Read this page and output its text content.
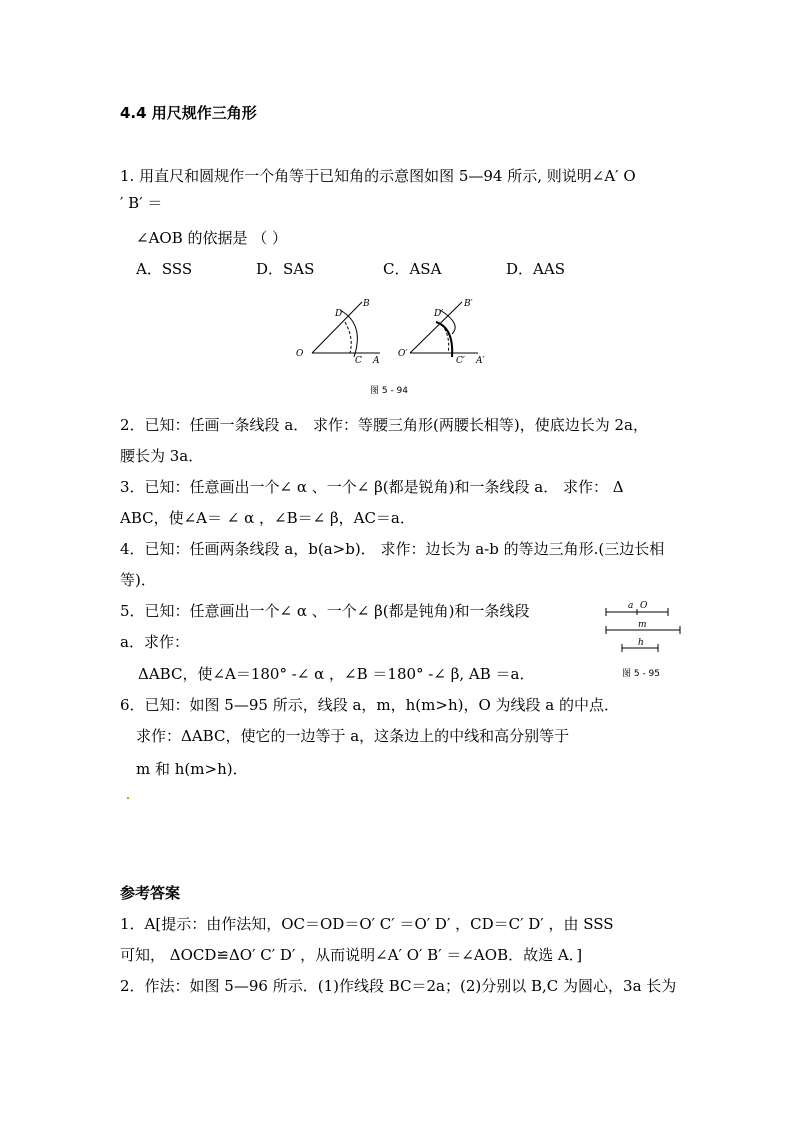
4.4 用尺规作三角形
1. 用直尺和圆规作一个角等于已知角的示意图如图 5—94 所示, 则说明∠A′ O
′ B′ ＝
∠AOB 的依据是 （ ）
A．SSS	D．SAS	C．ASA	D．AAS
O
A
B
C
D
O′
A′
B′
C′
D′
图 5 - 94
2．已知：任画一条线段 a． 求作：等腰三角形(两腰长相等)，使底边长为 2a，
腰长为 3a．
3．已知：任意画出一个∠ α 、一个∠ β(都是锐角)和一条线段 a． 求作： Δ
ABC，使∠A＝ ∠ α ，∠B＝∠ β，AC＝a．
4．已知：任画两条线段 a，b(a>b)． 求作：边长为 a-b 的等边三角形.(三边长相
等)．
5．已知：任意画出一个∠ α 、一个∠ β(都是钝角)和一条线段
a．求作：
ΔABC，使∠A＝180° -∠ α ，∠B ＝180° -∠ β, AB ＝a．
a O
m
h
图 5 - 95
6．已知：如图 5—95 所示，线段 a，m，h(m>h)，O 为线段 a 的中点．
求作：ΔABC，使它的一边等于 a，这条边上的中线和高分别等于
m 和 h(m>h)．
参考答案
1．A[提示：由作法知，OC＝OD＝O′ C′ ＝O′ D′ ，CD＝C′ D′ ，由 SSS
可知， ΔOCD≌ΔO′ C′ D′ ，从而说明∠A′ O′ B′ ＝∠AOB．故选 A．]
2．作法：如图 5—96 所示．(1)作线段 BC＝2a；(2)分别以 B,C 为圆心，3a 长为
